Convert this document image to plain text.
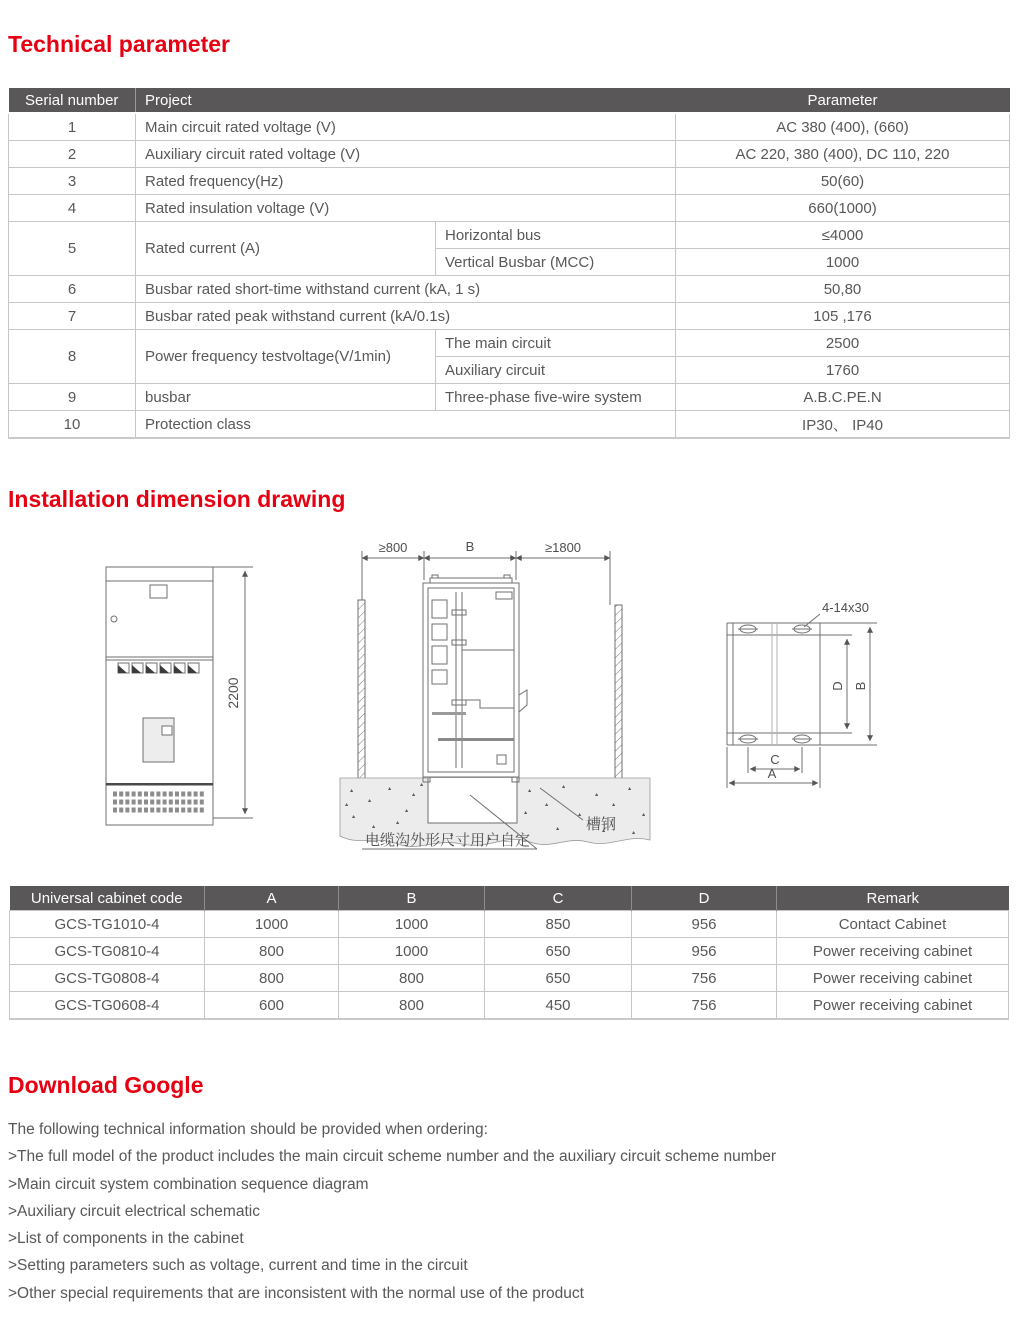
Technical parameter
Serial number	Project		Parameter
1	Main circuit rated voltage (V)		AC 380 (400), (660)
2	Auxiliary circuit rated voltage (V)		AC 220, 380 (400), DC 110, 220
3	Rated frequency(Hz)		50(60)
4	Rated insulation voltage (V)		660(1000)
5	Rated current (A)	Horizontal bus	≤4000
		Vertical Busbar (MCC)	1000
6	Busbar rated short-time withstand current (kA, 1 s)		50,80
7	Busbar rated peak withstand current (kA/0.1s)		105 ,176
8	Power frequency testvoltage(V/1min)	The main circuit	2500
		Auxiliary circuit	1760
9	busbar	Three-phase five-wire system	A.B.C.PE.N
10	Protection class		IP30、 IP40
Installation dimension drawing
2200
≥800	B	≥1800
槽钢
电缆沟外形尺寸用户自定
4-14x30
D B
C
A
Universal cabinet code	A	B	C	D	Remark
GCS-TG1010-4	1000	1000	850	956	Contact Cabinet
GCS-TG0810-4	800	1000	650	956	Power receiving cabinet
GCS-TG0808-4	800	800	650	756	Power receiving cabinet
GCS-TG0608-4	600	800	450	756	Power receiving cabinet
Download Google
The following technical information should be provided when ordering:
>The full model of the product includes the main circuit scheme number and the auxiliary circuit scheme number
>Main circuit system combination sequence diagram
>Auxiliary circuit electrical schematic
>List of components in the cabinet
>Setting parameters such as voltage, current and time in the circuit
>Other special requirements that are inconsistent with the normal use of the product
